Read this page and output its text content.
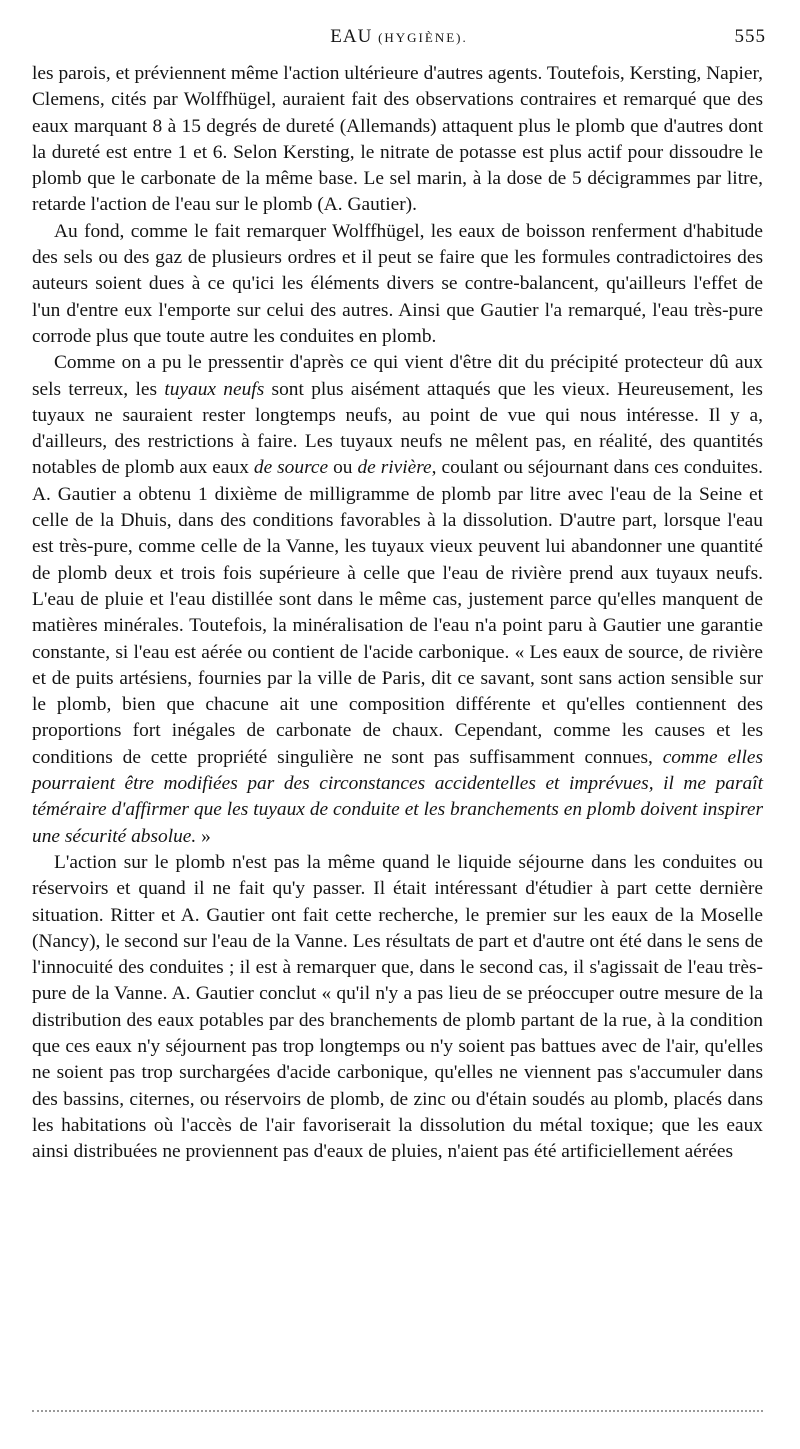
EAU (HYGIÈNE).	555

les parois, et préviennent même l'action ultérieure d'autres agents. Toutefois, Kersting, Napier, Clemens, cités par Wolffhügel, auraient fait des observations contraires et remarqué que des eaux marquant 8 à 15 degrés de dureté (Allemands) attaquent plus le plomb que d'autres dont la dureté est entre 1 et 6. Selon Kersting, le nitrate de potasse est plus actif pour dissoudre le plomb que le carbonate de la même base. Le sel marin, à la dose de 5 décigrammes par litre, retarde l'action de l'eau sur le plomb (A. Gautier).

Au fond, comme le fait remarquer Wolffhügel, les eaux de boisson renferment d'habitude des sels ou des gaz de plusieurs ordres et il peut se faire que les formules contradictoires des auteurs soient dues à ce qu'ici les éléments divers se contre-balancent, qu'ailleurs l'effet de l'un d'entre eux l'emporte sur celui des autres. Ainsi que Gautier l'a remarqué, l'eau très-pure corrode plus que toute autre les conduites en plomb.

Comme on a pu le pressentir d'après ce qui vient d'être dit du précipité protecteur dû aux sels terreux, les tuyaux neufs sont plus aisément attaqués que les vieux. Heureusement, les tuyaux ne sauraient rester longtemps neufs, au point de vue qui nous intéresse. Il y a, d'ailleurs, des restrictions à faire. Les tuyaux neufs ne mêlent pas, en réalité, des quantités notables de plomb aux eaux de source ou de rivière, coulant ou séjournant dans ces conduites. A. Gautier a obtenu 1 dixième de milligramme de plomb par litre avec l'eau de la Seine et celle de la Dhuis, dans des conditions favorables à la dissolution. D'autre part, lorsque l'eau est très-pure, comme celle de la Vanne, les tuyaux vieux peuvent lui abandonner une quantité de plomb deux et trois fois supérieure à celle que l'eau de rivière prend aux tuyaux neufs. L'eau de pluie et l'eau distillée sont dans le même cas, justement parce qu'elles manquent de matières minérales. Toutefois, la minéralisation de l'eau n'a point paru à Gautier une garantie constante, si l'eau est aérée ou contient de l'acide carbonique. « Les eaux de source, de rivière et de puits artésiens, fournies par la ville de Paris, dit ce savant, sont sans action sensible sur le plomb, bien que chacune ait une composition différente et qu'elles contiennent des proportions fort inégales de carbonate de chaux. Cependant, comme les causes et les conditions de cette propriété singulière ne sont pas suffisamment connues, comme elles pourraient être modifiées par des circonstances accidentelles et imprévues, il me paraît téméraire d'affirmer que les tuyaux de conduite et les branchements en plomb doivent inspirer une sécurité absolue. »

L'action sur le plomb n'est pas la même quand le liquide séjourne dans les conduites ou réservoirs et quand il ne fait qu'y passer. Il était intéressant d'étudier à part cette dernière situation. Ritter et A. Gautier ont fait cette recherche, le premier sur les eaux de la Moselle (Nancy), le second sur l'eau de la Vanne. Les résultats de part et d'autre ont été dans le sens de l'innocuité des conduites ; il est à remarquer que, dans le second cas, il s'agissait de l'eau très-pure de la Vanne. A. Gautier conclut « qu'il n'y a pas lieu de se préoccuper outre mesure de la distribution des eaux potables par des branchements de plomb partant de la rue, à la condition que ces eaux n'y séjournent pas trop longtemps ou n'y soient pas battues avec de l'air, qu'elles ne soient pas trop surchargées d'acide carbonique, qu'elles ne viennent pas s'accumuler dans des bassins, citernes, ou réservoirs de plomb, de zinc ou d'étain soudés au plomb, placés dans les habitations où l'accès de l'air favoriserait la dissolution du métal toxique; que les eaux ainsi distribuées ne proviennent pas d'eaux de pluies, n'aient pas été artificiellement aérées
